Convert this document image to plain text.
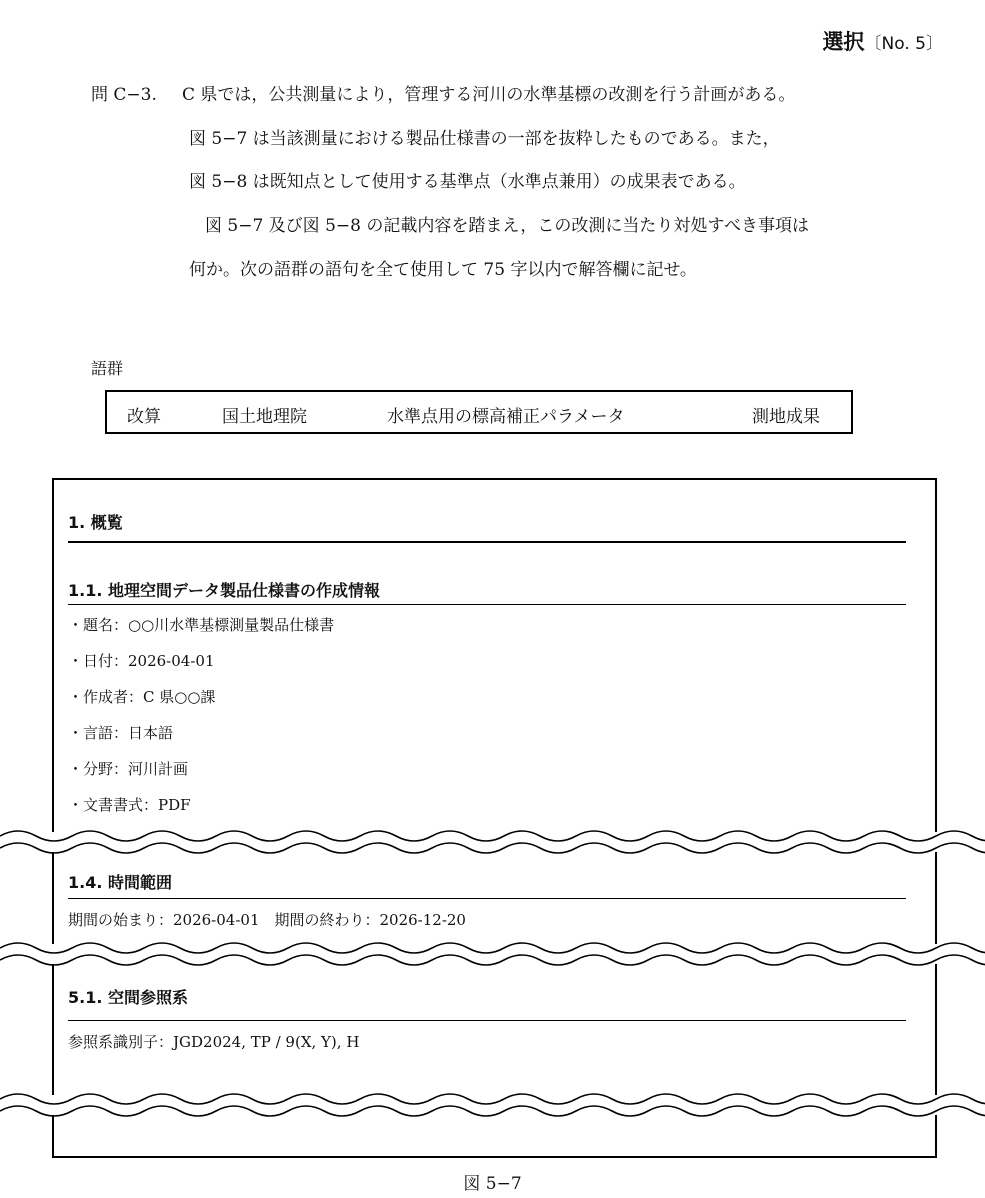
選択〔No. 5〕
問 C−3. C 県では，公共測量により，管理する河川の水準基標の改測を行う計画がある。
図 5−7 は当該測量における製品仕様書の一部を抜粋したものである。また，
図 5−8 は既知点として使用する基準点（水準点兼用）の成果表である。
図 5−7 及び図 5−8 の記載内容を踏まえ，この改測に当たり対処すべき事項は
何か。次の語群の語句を全て使用して 75 字以内で解答欄に記せ。
語群
改算	国土地理院	水準点用の標高補正パラメータ	測地成果
1. 概覧
1.1. 地理空間データ製品仕様書の作成情報
・題名：○○川水準基標測量製品仕様書
・日付：2026-04-01
・作成者：C 県○○課
・言語：日本語
・分野：河川計画
・文書書式：PDF
1.4. 時間範囲
期間の始まり：2026-04-01　期間の終わり：2026-12-20
5.1. 空間参照系
参照系識別子：JGD2024, TP / 9(X, Y), H
図 5−7
